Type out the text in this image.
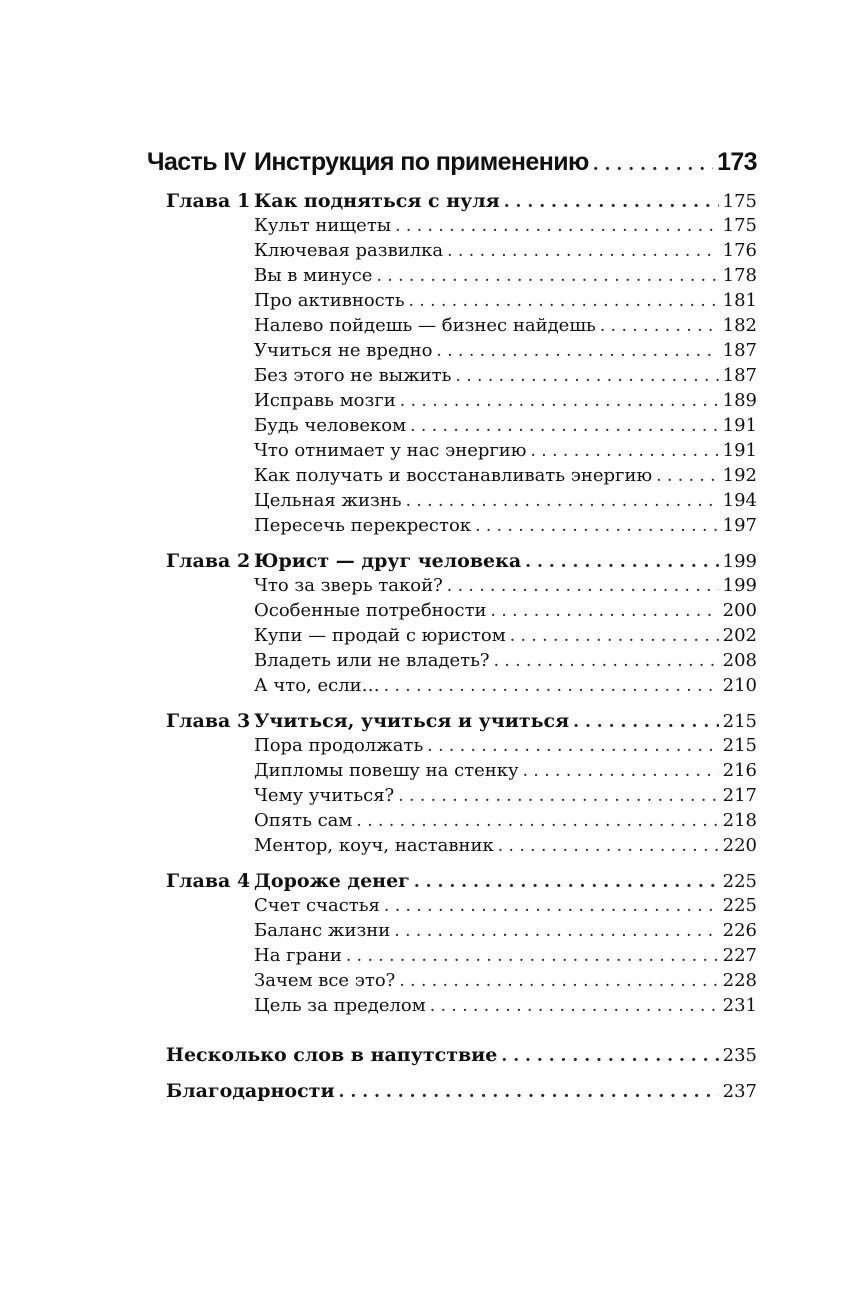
Часть IV Инструкция по применению . . .	173
Глава 1 Как подняться с нуля . . .	175
Культ нищеты . . .	175
Ключевая развилка . . .	176
Вы в минусе . . .	178
Про активность . . .	181
Налево пойдешь — бизнес найдешь . . .	182
Учиться не вредно . . .	187
Без этого не выжить . . .	187
Исправь мозги . . .	189
Будь человеком . . .	191
Что отнимает у нас энергию . . .	191
Как получать и восстанавливать энергию . . .	192
Цельная жизнь . . .	194
Пересечь перекресток . . .	197
Глава 2 Юрист — друг человека . . .	199
Что за зверь такой? . . .	199
Особенные потребности . . .	200
Купи — продай с юристом . . .	202
Владеть или не владеть? . . .	208
А что, если… . . .	210
Глава 3 Учиться, учиться и учиться . . .	215
Пора продолжать . . .	215
Дипломы повешу на стенку . . .	216
Чему учиться? . . .	217
Опять сам . . .	218
Ментор, коуч, наставник . . .	220
Глава 4 Дороже денег . . .	225
Счет счастья . . .	225
Баланс жизни . . .	226
На грани . . .	227
Зачем все это? . . .	228
Цель за пределом . . .	231
Несколько слов в напутствие . . .	235
Благодарности . . .	237
